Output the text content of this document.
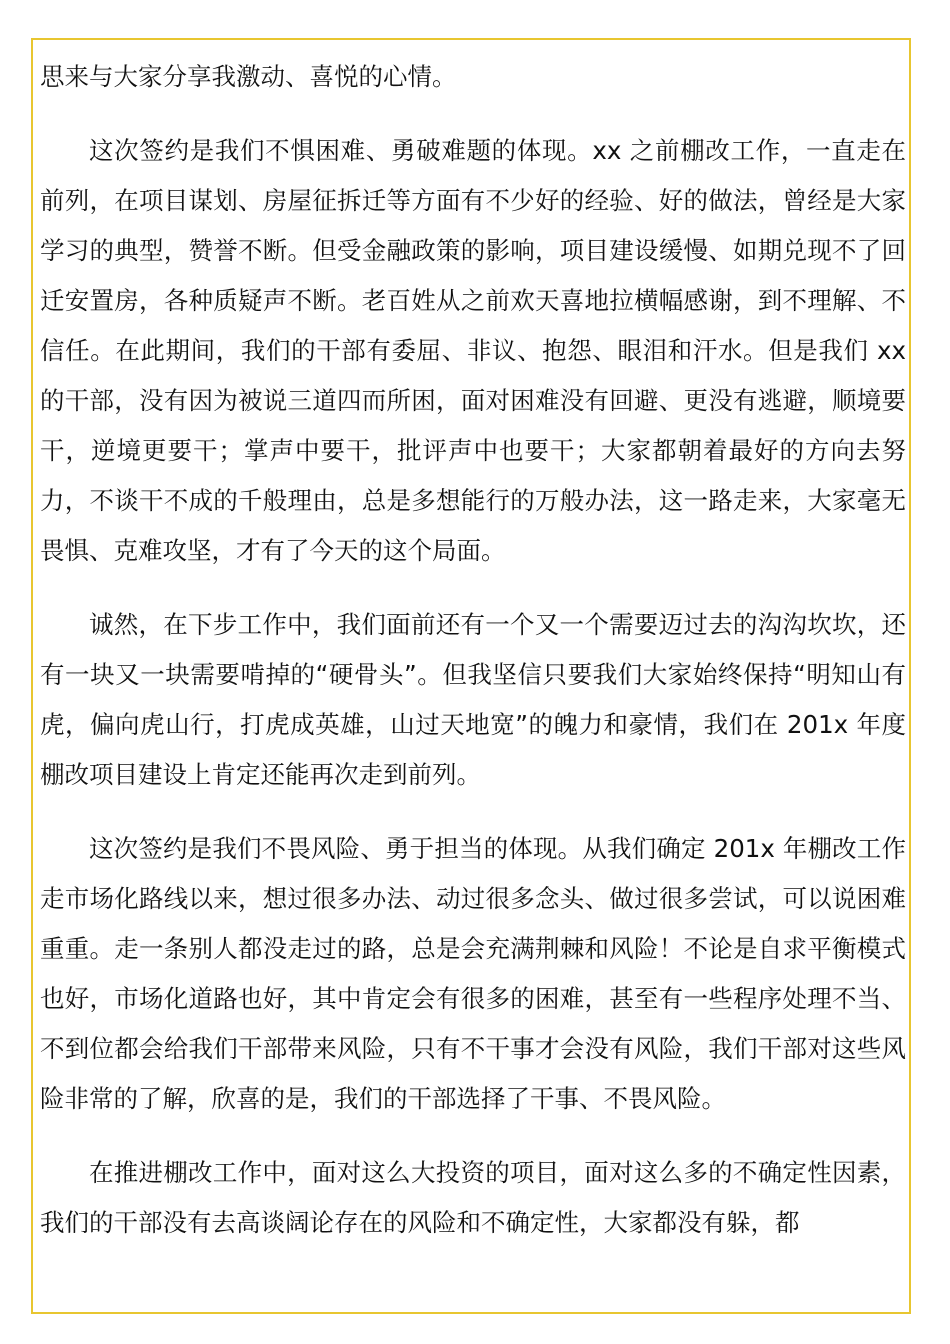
思来与大家分享我激动、喜悦的心情。

这次签约是我们不惧困难、勇破难题的体现。xx 之前棚改工作，一直走在前列，在项目谋划、房屋征拆迁等方面有不少好的经验、好的做法，曾经是大家学习的典型，赞誉不断。但受金融政策的影响，项目建设缓慢、如期兑现不了回迁安置房，各种质疑声不断。老百姓从之前欢天喜地拉横幅感谢，到不理解、不信任。在此期间，我们的干部有委屈、非议、抱怨、眼泪和汗水。但是我们 xx 的干部，没有因为被说三道四而所困，面对困难没有回避、更没有逃避，顺境要干，逆境更要干；掌声中要干，批评声中也要干；大家都朝着最好的方向去努力，不谈干不成的千般理由，总是多想能行的万般办法，这一路走来，大家毫无畏惧、克难攻坚，才有了今天的这个局面。

诚然，在下步工作中，我们面前还有一个又一个需要迈过去的沟沟坎坎，还有一块又一块需要啃掉的“硬骨头”。但我坚信只要我们大家始终保持“明知山有虎，偏向虎山行，打虎成英雄，山过天地宽”的魄力和豪情，我们在 201x 年度棚改项目建设上肯定还能再次走到前列。

这次签约是我们不畏风险、勇于担当的体现。从我们确定 201x 年棚改工作走市场化路线以来，想过很多办法、动过很多念头、做过很多尝试，可以说困难重重。走一条别人都没走过的路，总是会充满荆棘和风险！不论是自求平衡模式也好，市场化道路也好，其中肯定会有很多的困难，甚至有一些程序处理不当、不到位都会给我们干部带来风险，只有不干事才会没有风险，我们干部对这些风险非常的了解，欣喜的是，我们的干部选择了干事、不畏风险。

在推进棚改工作中，面对这么大投资的项目，面对这么多的不确定性因素，我们的干部没有去高谈阔论存在的风险和不确定性，大家都没有躲，都
